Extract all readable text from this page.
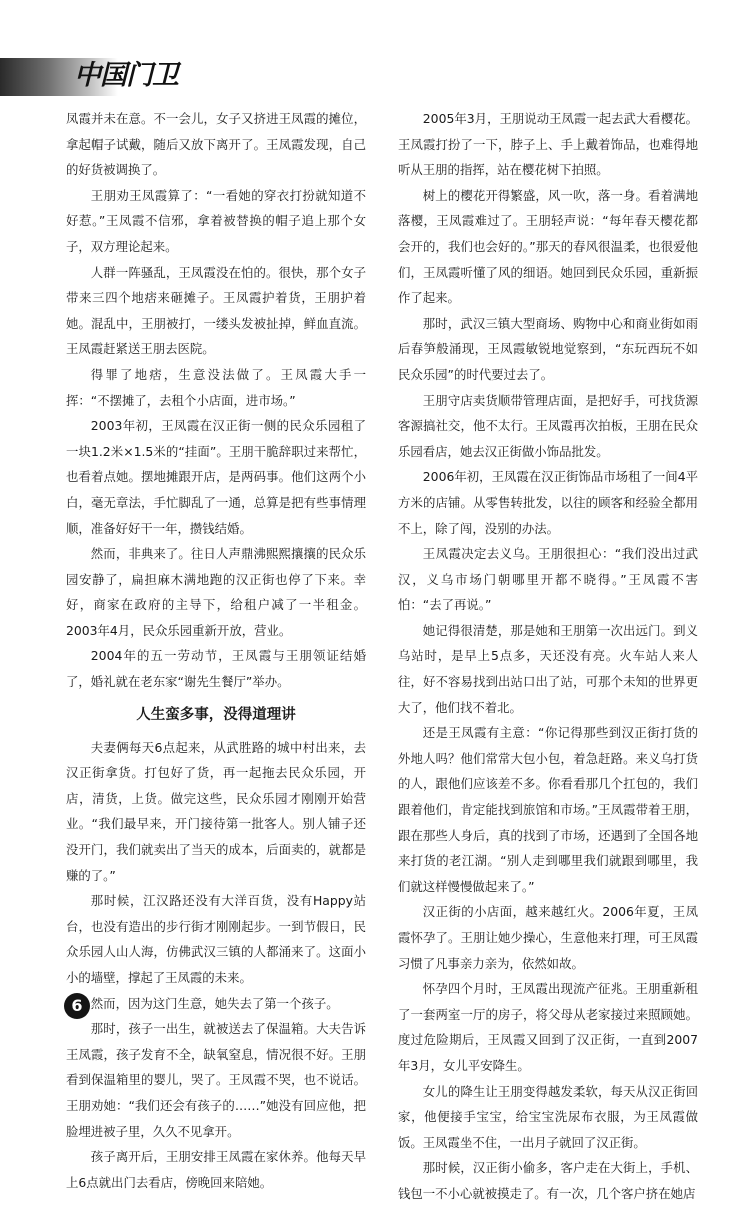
中国门卫

凤霞并未在意。不一会儿，女子又挤进王凤霞的摊位，拿起帽子试戴，随后又放下离开了。王凤霞发现，自己的好货被调换了。

王朋劝王凤霞算了：“一看她的穿衣打扮就知道不好惹。”王凤霞不信邪，拿着被替换的帽子追上那个女子，双方理论起来。

人群一阵骚乱，王凤霞没在怕的。很快，那个女子带来三四个地痞来砸摊子。王凤霞护着货，王朋护着她。混乱中，王朋被打，一缕头发被扯掉，鲜血直流。王凤霞赶紧送王朋去医院。

得罪了地痞，生意没法做了。王凤霞大手一挥：“不摆摊了，去租个小店面，进市场。”

2003年初，王凤霞在汉正街一侧的民众乐园租了一块1.2米×1.5米的“挂面”。王朋干脆辞职过来帮忙，也看着点她。摆地摊跟开店，是两码事。他们这两个小白，毫无章法，手忙脚乱了一通，总算是把有些事情理顺，准备好好干一年，攒钱结婚。

然而，非典来了。往日人声鼎沸熙熙攘攘的民众乐园安静了，扁担麻木满地跑的汉正街也停了下来。幸好，商家在政府的主导下，给租户减了一半租金。2003年4月，民众乐园重新开放，营业。

2004年的五一劳动节，王凤霞与王朋领证结婚了，婚礼就在老东家“谢先生餐厅”举办。

人生蛮多事，没得道理讲

夫妻俩每天6点起来，从武胜路的城中村出来，去汉正街拿货。打包好了货，再一起拖去民众乐园，开店，清货，上货。做完这些，民众乐园才刚刚开始营业。“我们最早来，开门接待第一批客人。别人铺子还没开门，我们就卖出了当天的成本，后面卖的，就都是赚的了。”

那时候，江汉路还没有大洋百货，没有Happy站台，也没有造出的步行街才刚刚起步。一到节假日，民众乐园人山人海，仿佛武汉三镇的人都涌来了。这面小小的墙壁，撑起了王凤霞的未来。

然而，因为这门生意，她失去了第一个孩子。

那时，孩子一出生，就被送去了保温箱。大夫告诉王凤霞，孩子发育不全，缺氧窒息，情况很不好。王朋看到保温箱里的婴儿，哭了。王凤霞不哭，也不说话。王朋劝她：“我们还会有孩子的……”她没有回应他，把脸埋进被子里，久久不见拿开。

孩子离开后，王朋安排王凤霞在家休养。他每天早上6点就出门去看店，傍晚回来陪她。

2005年3月，王朋说动王凤霞一起去武大看樱花。王凤霞打扮了一下，脖子上、手上戴着饰品，也难得地听从王朋的指挥，站在樱花树下拍照。

树上的樱花开得繁盛，风一吹，落一身。看着满地落樱，王凤霞难过了。王朋轻声说：“每年春天樱花都会开的，我们也会好的。”那天的春风很温柔，也很爱他们，王凤霞听懂了风的细语。她回到民众乐园，重新振作了起来。

那时，武汉三镇大型商场、购物中心和商业街如雨后春笋般涌现，王凤霞敏锐地觉察到，“东玩西玩不如民众乐园”的时代要过去了。

王朋守店卖货顺带管理店面，是把好手，可找货源客源搞社交，他不太行。王凤霞再次拍板，王朋在民众乐园看店，她去汉正街做小饰品批发。

2006年初，王凤霞在汉正街饰品市场租了一间4平方米的店铺。从零售转批发，以往的顾客和经验全都用不上，除了闯，没别的办法。

王凤霞决定去义乌。王朋很担心：“我们没出过武汉，义乌市场门朝哪里开都不晓得。”王凤霞不害怕：“去了再说。”

她记得很清楚，那是她和王朋第一次出远门。到义乌站时，是早上5点多，天还没有亮。火车站人来人往，好不容易找到出站口出了站，可那个未知的世界更大了，他们找不着北。

还是王凤霞有主意：“你记得那些到汉正街打货的外地人吗？他们常常大包小包，着急赶路。来义乌打货的人，跟他们应该差不多。你看看那几个扛包的，我们跟着他们，肯定能找到旅馆和市场。”王凤霞带着王朋，跟在那些人身后，真的找到了市场，还遇到了全国各地来打货的老江湖。“别人走到哪里我们就跟到哪里，我们就这样慢慢做起来了。”

汉正街的小店面，越来越红火。2006年夏，王凤霞怀孕了。王朋让她少操心，生意他来打理，可王凤霞习惯了凡事亲力亲为，依然如故。

怀孕四个月时，王凤霞出现流产征兆。王朋重新租了一套两室一厅的房子，将父母从老家接过来照顾她。度过危险期后，王凤霞又回到了汉正街，一直到2007年3月，女儿平安降生。

女儿的降生让王朋变得越发柔软，每天从汉正街回家，他便接手宝宝，给宝宝洗尿布衣服，为王凤霞做饭。王凤霞坐不住，一出月子就回了汉正街。

那时候，汉正街小偷多，客户走在大街上，手机、钱包一不小心就被摸走了。有一次，几个客户挤在她店

6
